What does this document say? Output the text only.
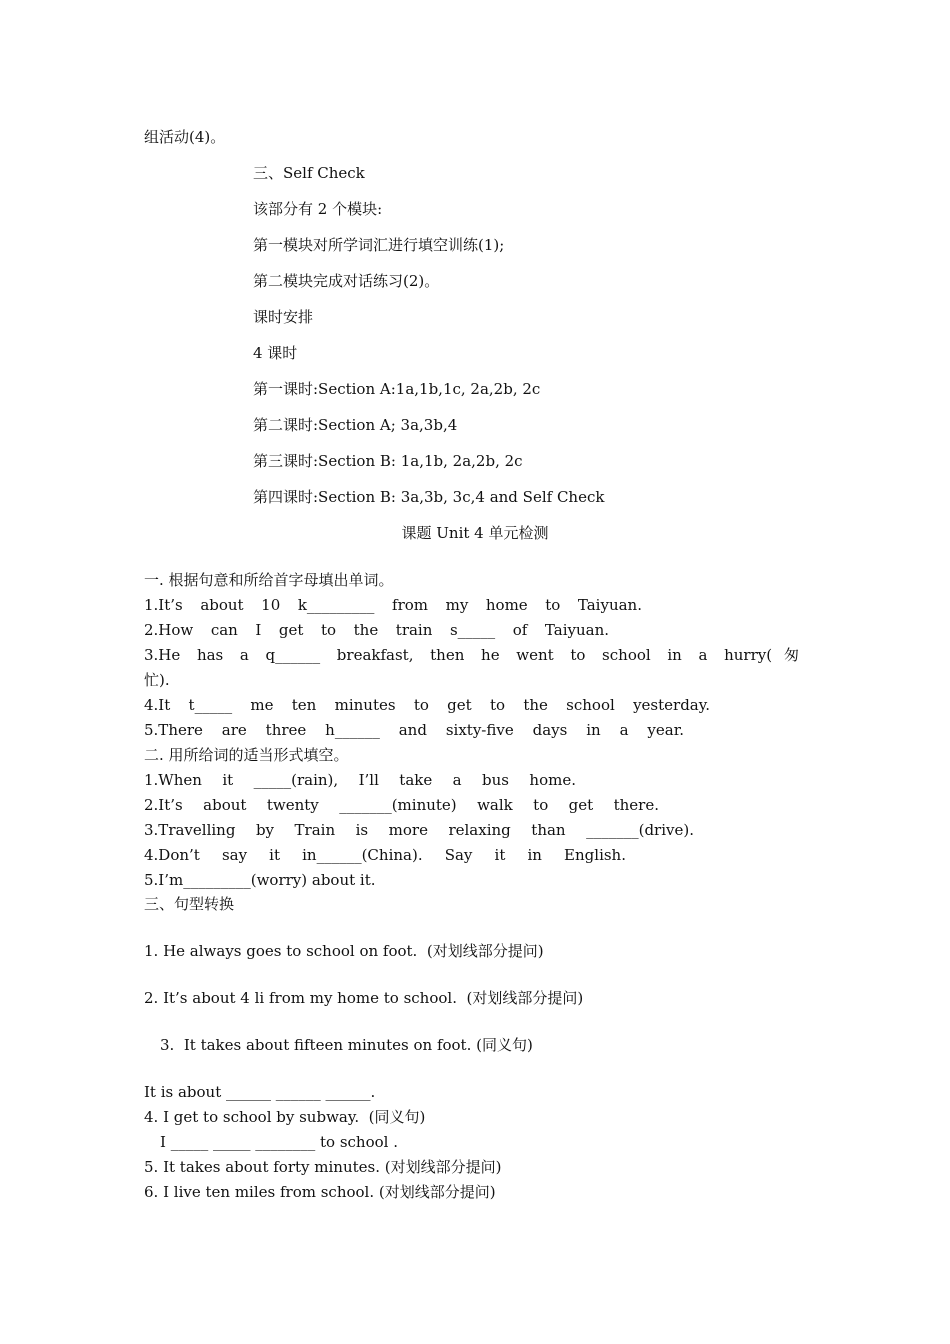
组活动(4)。
三、Self Check
该部分有 2 个模块:
第一模块对所学词汇进行填空训练(1);
第二模块完成对话练习(2)。
课时安排
4 课时
第一课时:Section A:1a,1b,1c, 2a,2b, 2c
第二课时:Section A; 3a,3b,4
第三课时:Section B: 1a,1b, 2a,2b, 2c
第四课时:Section B: 3a,3b, 3c,4 and Self Check
课题 Unit 4 单元检测
一. 根据句意和所给首字母填出单词。
1.It’s about 10 k_________ from my home to Taiyuan.
2.How can I get to the train s_____ of Taiyuan.
3.He has a q______ breakfast, then he went to school in a hurry(匆
忙).
4.It t_____ me ten minutes to get to the school yesterday.
5.There are three h______ and sixty-five days in a year.
二. 用所给词的适当形式填空。
1.When it _____(rain), I’ll take a bus home.
2.It’s about twenty _______(minute) walk to get there.
3.Travelling by Train is more relaxing than _______(drive).
4.Don’t say it in______(China). Say it in English.
5.I’m_________(worry) about it.
三、句型转换
1. He always goes to school on foot.  (对划线部分提问)
2. It’s about 4 li from my home to school.  (对划线部分提问)
3.  It takes about fifteen minutes on foot. (同义句)
It is about ______ ______ ______.
4. I get to school by subway.  (同义句)
I _____ _____ ________ to school .
5. It takes about forty minutes. (对划线部分提问)
6. I live ten miles from school. (对划线部分提问)
